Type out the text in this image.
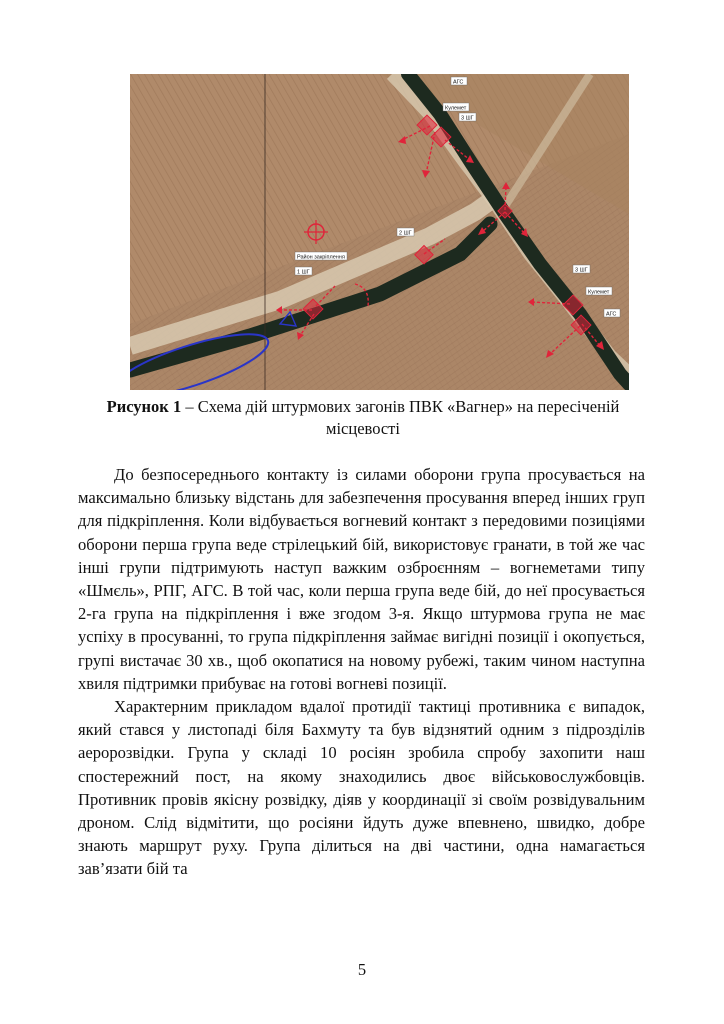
АГС
Кулемет
3 ШГ
2 ШГ
Район закріплення
1 ШГ	3 ШГ
Кулемет
АГС
Рисунок 1 – Схема дій штурмових загонів ПВК «Вагнер» на пересіченій місцевості

До безпосереднього контакту із силами оборони група просувається на максимально близьку відстань для забезпечення просування вперед інших груп для підкріплення. Коли відбувається вогневий контакт з передовими позиціями оборони перша група веде стрілецький бій, використовує гранати, в той же час інші групи підтримують наступ важким озброєнням – вогнеметами типу «Шмєль», РПГ, АГС. В той час, коли перша група веде бій, до неї просувається 2-га група на підкріплення і вже згодом 3-я. Якщо штурмова група не має успіху в просуванні, то група підкріплення займає вигідні позиції і окопується, групі вистачає 30 хв., щоб окопатися на новому рубежі, таким чином наступна хвиля підтримки прибуває на готові вогневі позиції.

Характерним прикладом вдалої протидії тактиці противника є випадок, який стався у листопаді біля Бахмуту та був відзнятий одним з підрозділів аеророзвідки. Група у складі 10 росіян зробила спробу захопити наш спостережний пост, на якому знаходились двоє військовослужбовців. Противник провів якісну розвідку, діяв у координації зі своїм розвідувальним дроном. Слід відмітити, що росіяни йдуть дуже впевнено, швидко, добре знають маршрут руху. Група ділиться на дві частини, одна намагається зав’язати бій та

5
